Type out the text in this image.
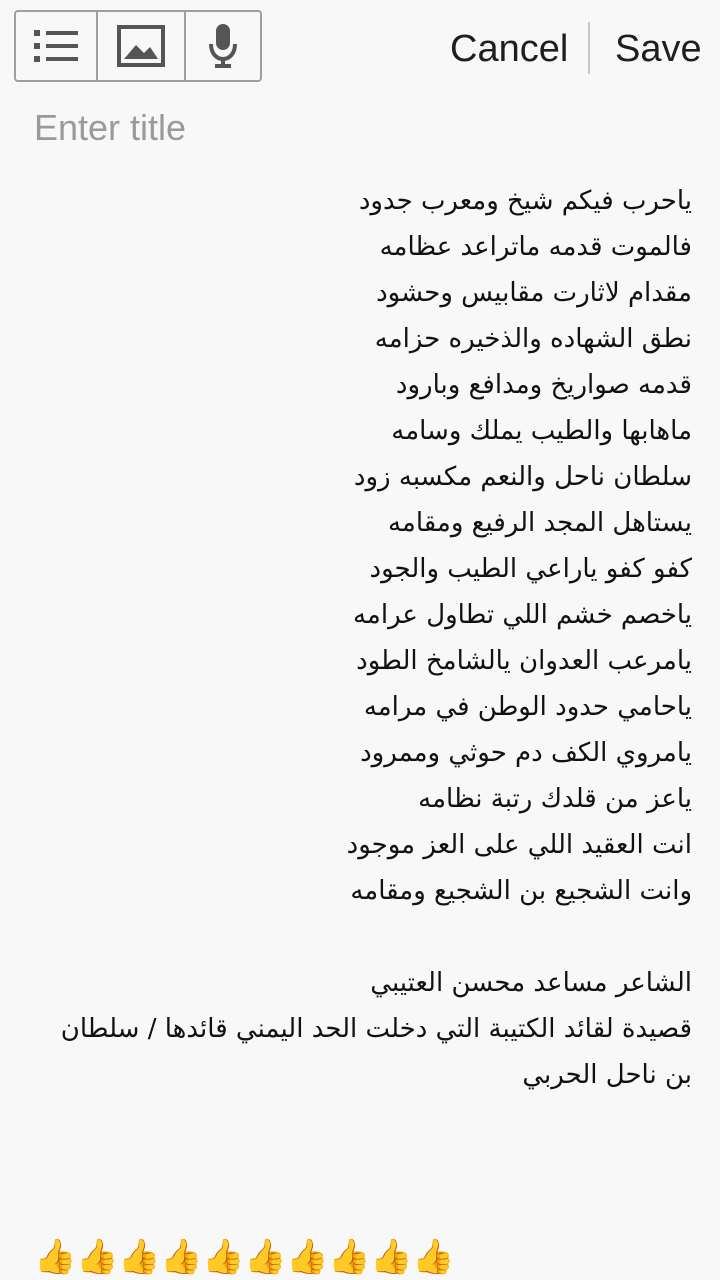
Cancel Save
Enter title
ياحرب فيكم شيخ ومعرب جدود
فالموت قدمه ماتراعد عظامه
مقدام لاثارت مقابيس وحشود
نطق الشهاده والذخيره حزامه
قدمه صواريخ ومدافع وبارود
ماهابها والطيب يملك وسامه
سلطان ناحل والنعم مكسبه زود
يستاهل المجد الرفيع ومقامه
كفو كفو ياراعي الطيب والجود
ياخصم خشم اللي تطاول عرامه
يامرعب العدوان يالشامخ الطود
ياحامي حدود الوطن في مرامه
يامروي الكف دم حوثي وممرود
ياعز من قلدك رتبة نظامه
انت العقيد اللي على العز موجود
وانت الشجيع بن الشجيع ومقامه
الشاعر مساعد محسن العتيبي
قصيدة لقائد الكتيبة التي دخلت الحد اليمني قائدها / سلطان بن ناحل الحربي
👍 👍 👍 👍 👍 👍 👍 👍 👍 👍
